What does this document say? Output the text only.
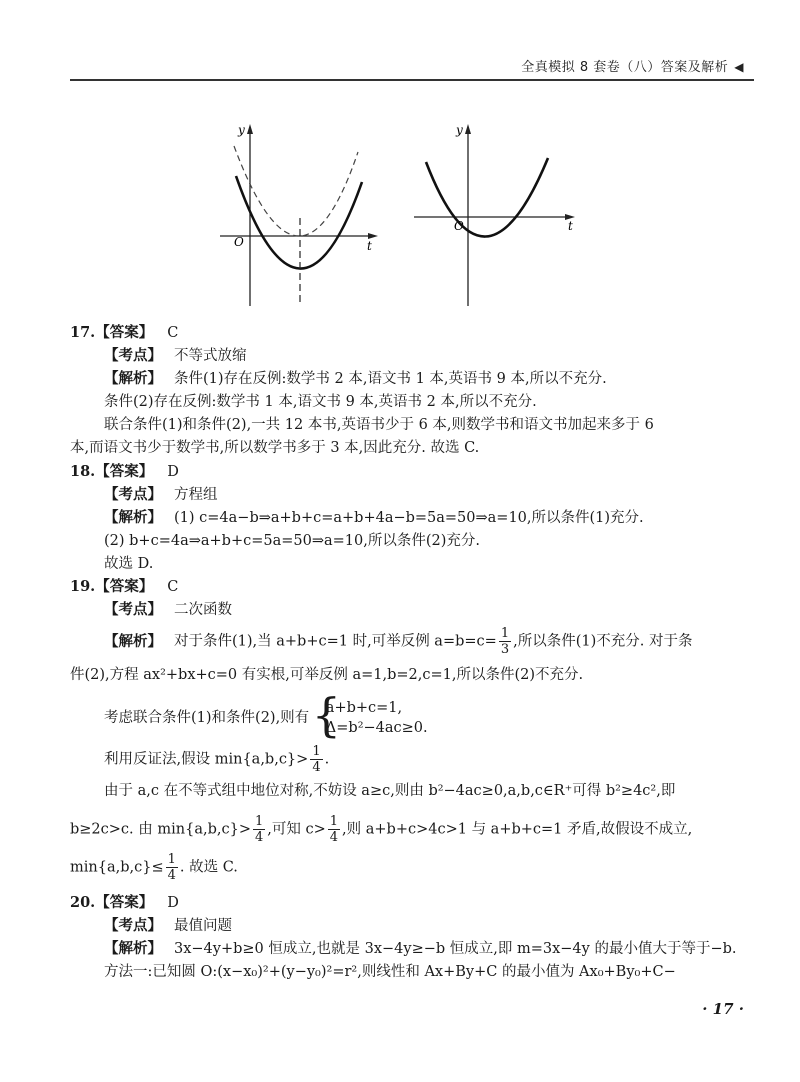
全真模拟 8 套卷（八）答案及解析 ◀
y
t
O
y
t
O
17.【答案】 C
【考点】 不等式放缩
【解析】 条件(1)存在反例:数学书 2 本,语文书 1 本,英语书 9 本,所以不充分.
条件(2)存在反例:数学书 1 本,语文书 9 本,英语书 2 本,所以不充分.
联合条件(1)和条件(2),一共 12 本书,英语书少于 6 本,则数学书和语文书加起来多于 6
本,而语文书少于数学书,所以数学书多于 3 本,因此充分. 故选 C.
18.【答案】 D
【考点】 方程组
【解析】 (1) c=4a−b⇒a+b+c=a+b+4a−b=5a=50⇒a=10,所以条件(1)充分.
(2) b+c=4a⇒a+b+c=5a=50⇒a=10,所以条件(2)充分.
故选 D.
19.【答案】 C
【考点】 二次函数
【解析】 对于条件(1),当 a+b+c=1 时,可举反例 $a=b=c= \frac{1}{3}$ ,所以条件(1)不充分. 对于条
件(2),方程 ax²+bx+c=0 有实根,可举反例 a=1,b=2,c=1,所以条件(2)不充分.
考虑联合条件(1)和条件(2),则有 {
a+b+c=1,
Δ=b²−4ac≥0.
利用反证法,假设 $\min\{a,b,c\}> \frac{1}{4}$ .
由于 a,c 在不等式组中地位对称,不妨设 a≥c,则由 b²−4ac≥0,a,b,c∈R⁺可得 b²≥4c²,即
b≥2c>c. 由 $\min\{a,b,c\}> \frac{1}{4}$ ,可知 $c> \frac{1}{4}$ ,则 a+b+c>4c>1 与 a+b+c=1 矛盾,故假设不成立,
$\min\{a,b,c\}\le \frac{1}{4}$ . 故选 C.
20.【答案】 D
【考点】 最值问题
【解析】 3x−4y+b≥0 恒成立,也就是 3x−4y≥−b 恒成立,即 m=3x−4y 的最小值大于等于−b.
方法一:已知圆 O:(x−x₀)²+(y−y₀)²=r²,则线性和 Ax+By+C 的最小值为 Ax₀+By₀+C−
· 17 ·
